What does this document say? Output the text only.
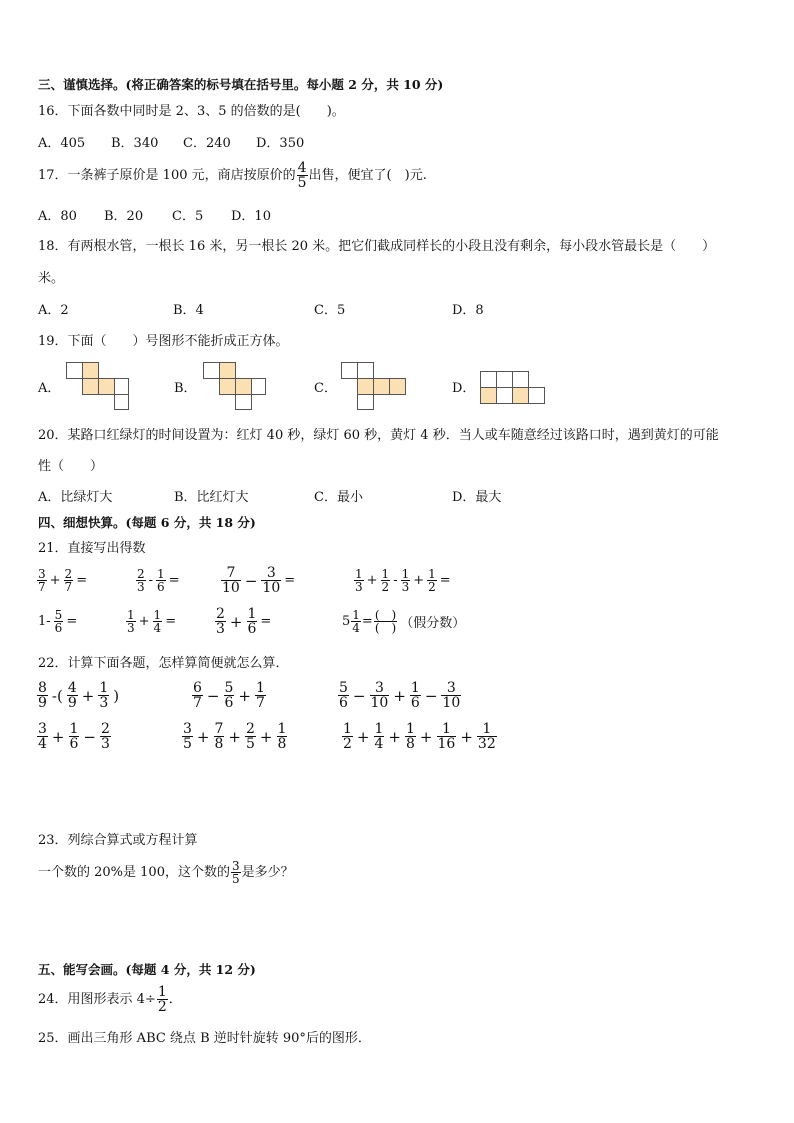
三、谨慎选择。(将正确答案的标号填在括号里。每小题 2 分，共 10 分)
16．下面各数中同时是 2、3、5 的倍数的是(　　)。
A．405 B．340 C．240 D．350
17．一条裤子原价是 100 元，商店按原价的 $\frac{4}{5}$ 出售，便宜了(　)元.
A．80 B．20 C．5 D．10
18．有两根水管，一根长 16 米，另一根长 20 米。把它们截成同样长的小段且没有剩余，每小段水管最长是（　　）
米。
A．2	B．4	C．5	D．8
19．下面（　　）号图形不能折成正方体。
A．	B．	C．	D．
20．某路口红绿灯的时间设置为：红灯 40 秒，绿灯 60 秒，黄灯 4 秒．当人或车随意经过该路口时，遇到黄灯的可能
性（　　）
A．比绿灯大	B．比红灯大	C．最小	D．最大
四、细想快算。(每题 6 分，共 18 分)
21．直接写出得数
$\frac{3}{7} + \frac{2}{7}$ =	$\frac{2}{3} - \frac{1}{6}$ =	$\frac{7}{10} - \frac{3}{10}$ =	$\frac{1}{3} + \frac{1}{2} - \frac{1}{3} + \frac{1}{2}$ =
$1- \frac{5}{6}$ =	$\frac{1}{3} + \frac{1}{4}$ =	$\frac{2}{3} + \frac{1}{6}$ =	$5 \frac{1}{4} = \frac{( )}{( )}$ （假分数）
22．计算下面各题，怎样算简便就怎么算．
$\frac{8}{9}$ -( $\frac{4}{9} + \frac{1}{3}$ )	$\frac{6}{7} - \frac{5}{6} + \frac{1}{7}$	$\frac{5}{6} - \frac{3}{10} + \frac{1}{6} - \frac{3}{10}$
$\frac{3}{4} + \frac{1}{6} - \frac{2}{3}$	$\frac{3}{5} + \frac{7}{8} + \frac{2}{5} + \frac{1}{8}$	$\frac{1}{2} + \frac{1}{4} + \frac{1}{8} + \frac{1}{16} + \frac{1}{32}$
23．列综合算式或方程计算
一个数的 20%是 100，这个数的 $\frac{3}{5}$ 是多少？
五、能写会画。(每题 4 分，共 12 分)
24．用图形表示 $4\div \frac{1}{2}$ ．
25．画出三角形 ABC 绕点 B 逆时针旋转 90°后的图形．
